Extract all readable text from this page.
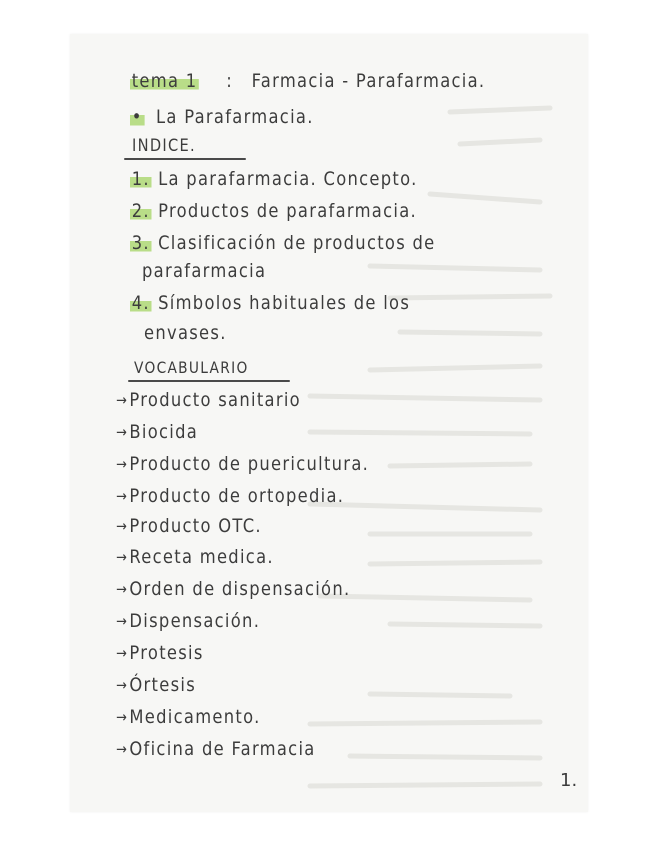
tema 1 : Farmacia - Parafarmacia.
• La Parafarmacia.
INDICE.
1. La parafarmacia. Concepto.
2. Productos de parafarmacia.
3. Clasificación de productos de
parafarmacia
4. Símbolos habituales de los
envases.
VOCABULARIO
→ Producto sanitario
→ Biocida
→ Producto de puericultura.
→ Producto de ortopedia.
→ Producto OTC.
→ Receta medica.
→ Orden de dispensación.
→ Dispensación.
→ Protesis
→ Órtesis
→ Medicamento.
→ Oficina de Farmacia
1.
